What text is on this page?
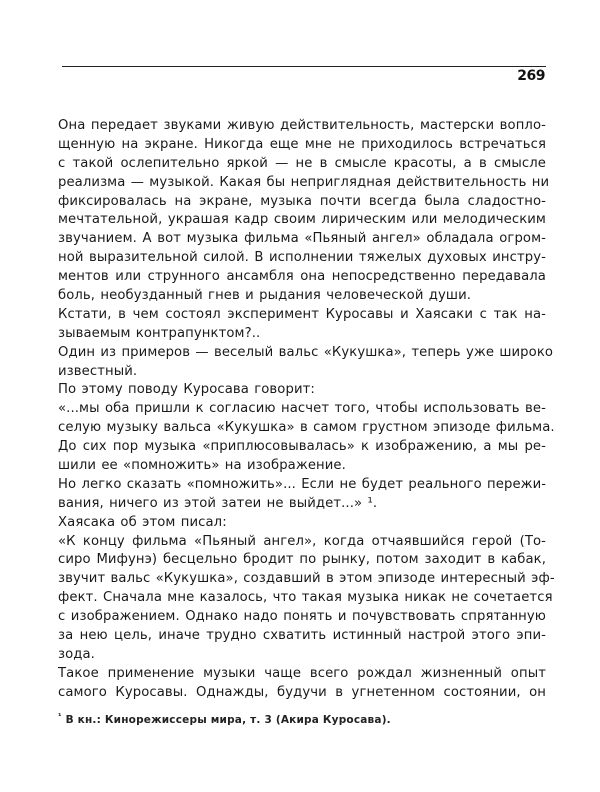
269
Она передает звуками живую действительность, мастерски вопло-
щенную на экране. Никогда еще мне не приходилось встречаться
с такой ослепительно яркой — не в смысле красоты, а в смысле
реализма — музыкой. Какая бы неприглядная действительность ни
фиксировалась на экране, музыка почти всегда была сладостно-
мечтательной, украшая кадр своим лирическим или мелодическим
звучанием. А вот музыка фильма «Пьяный ангел» обладала огром-
ной выразительной силой. В исполнении тяжелых духовых инстру-
ментов или струнного ансамбля она непосредственно передавала
боль, необузданный гнев и рыдания человеческой души.
Кстати, в чем состоял эксперимент Куросавы и Хаясаки с так на-
зываемым контрапунктом?..
Один из примеров — веселый вальс «Кукушка», теперь уже широко
известный.
По этому поводу Куросава говорит:
«...мы оба пришли к согласию насчет того, чтобы использовать ве-
селую музыку вальса «Кукушка» в самом грустном эпизоде фильма.
До сих пор музыка «приплюсовывалась» к изображению, а мы ре-
шили ее «помножить» на изображение.
Но легко сказать «помножить»... Если не будет реального пережи-
вания, ничего из этой затеи не выйдет...» ¹.
Хаясака об этом писал:
«К концу фильма «Пьяный ангел», когда отчаявшийся герой (То-
сиро Мифунэ) бесцельно бродит по рынку, потом заходит в кабак,
звучит вальс «Кукушка», создавший в этом эпизоде интересный эф-
фект. Сначала мне казалось, что такая музыка никак не сочетается
с изображением. Однако надо понять и почувствовать спрятанную
за нею цель, иначе трудно схватить истинный настрой этого эпи-
зода.
Такое применение музыки чаще всего рождал жизненный опыт
самого Куросавы. Однажды, будучи в угнетенном состоянии, он
$^{^1}$ В кн.: Кинорежиссеры мира, т. 3 (Акира Куросава).
